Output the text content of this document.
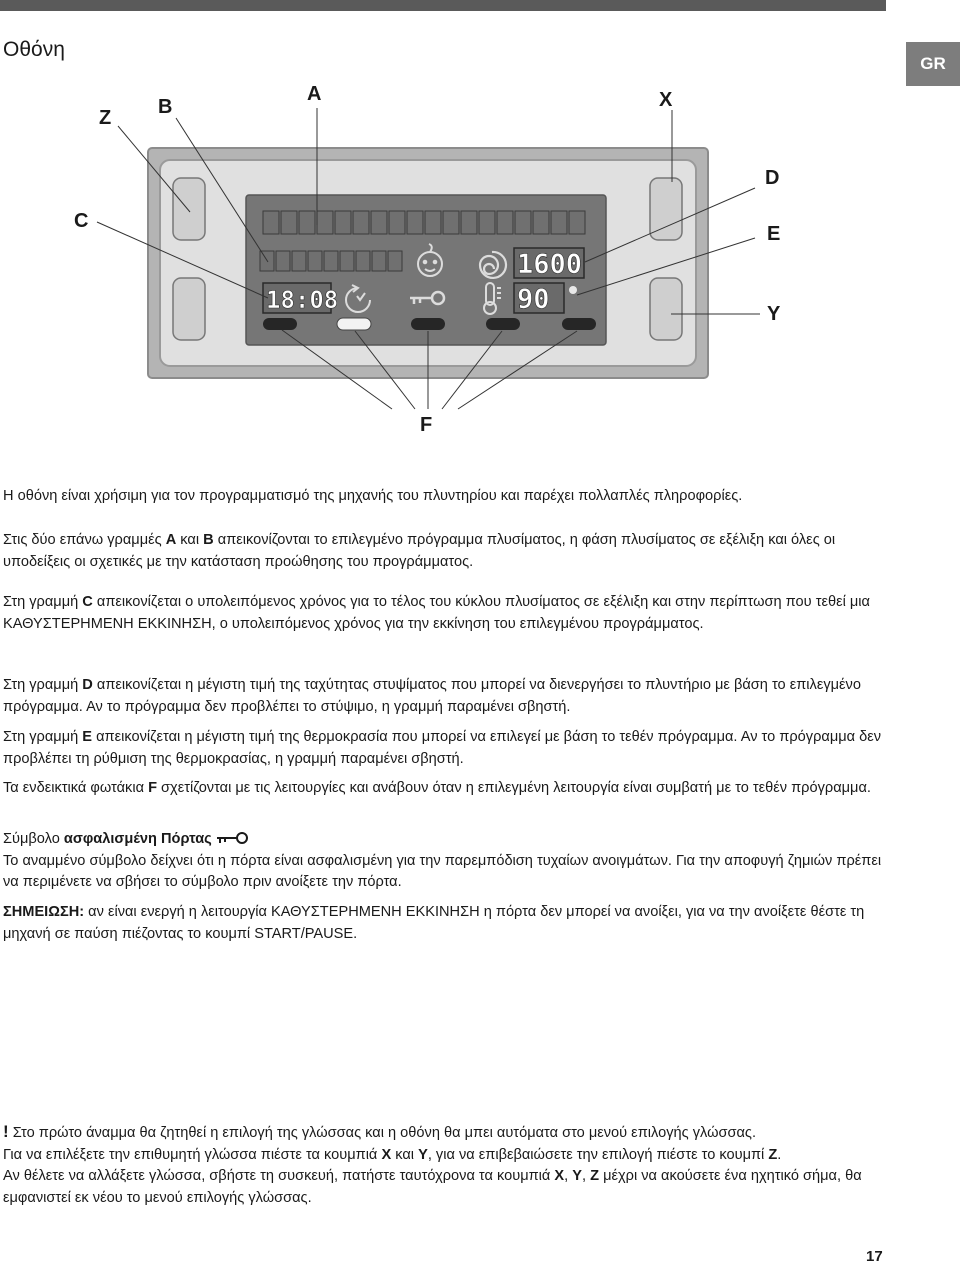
Οθόνη
GR
1600
18:08	90
Z B
A	X
C
D
E
Y
F

Η οθόνη είναι χρήσιμη για τον προγραμματισμό της μηχανής του πλυντηρίου και παρέχει πολλαπλές πληροφορίες.

Στις δύο επάνω γραμμές A και B απεικονίζονται το επιλεγμένο πρόγραμμα πλυσίματος, η φάση πλυσίματος σε εξέλιξη και όλες οι υποδείξεις οι σχετικές με την κατάσταση προώθησης του προγράμματος.

Στη γραμμή C απεικονίζεται ο υπολειπόμενος χρόνος για το τέλος του κύκλου πλυσίματος σε εξέλιξη και στην περίπτωση που τεθεί μια ΚΑΘΥΣΤΕΡΗΜΕΝΗ ΕΚΚΙΝΗΣΗ, ο υπολειπόμενος χρόνος για την εκκίνηση του επιλεγμένου προγράμματος.

Στη γραμμή D απεικονίζεται η μέγιστη τιμή της ταχύτητας στυψίματος που μπορεί να διενεργήσει το πλυντήριο με βάση το επιλεγμένο πρόγραμμα. Αν το πρόγραμμα δεν προβλέπει το στύψιμο, η γραμμή παραμένει σβηστή.

Στη γραμμή E απεικονίζεται η μέγιστη τιμή της θερμοκρασία που μπορεί να επιλεγεί με βάση το τεθέν πρόγραμμα. Αν το πρόγραμμα δεν προβλέπει τη ρύθμιση της θερμοκρασίας, η γραμμή παραμένει σβηστή.

Τα ενδεικτικά φωτάκια F σχετίζονται με τις λειτουργίες και ανάβουν όταν η επιλεγμένη λειτουργία είναι συμβατή με το τεθέν πρόγραμμα.

Σύμβολο ασφαλισμένη Πόρτας
Το αναμμένο σύμβολο δείχνει ότι η πόρτα είναι ασφαλισμένη για την παρεμπόδιση τυχαίων ανοιγμάτων. Για την αποφυγή ζημιών πρέπει να περιμένετε να σβήσει το σύμβολο πριν ανοίξετε την πόρτα.

ΣΗΜΕΙΩΣΗ: αν είναι ενεργή η λειτουργία ΚΑΘΥΣΤΕΡΗΜΕΝΗ ΕΚΚΙΝΗΣΗ η πόρτα δεν μπορεί να ανοίξει, για να την ανοίξετε θέστε τη μηχανή σε παύση πιέζοντας το κουμπί START/PAUSE.

! Στο πρώτο άναμμα θα ζητηθεί η επιλογή της γλώσσας και η οθόνη θα μπει αυτόματα στο μενού επιλογής γλώσσας.
Για να επιλέξετε την επιθυμητή γλώσσα πιέστε τα κουμπιά X και Y, για να επιβεβαιώσετε την επιλογή πιέστε το κουμπί Z.
Αν θέλετε να αλλάξετε γλώσσα, σβήστε τη συσκευή, πατήστε ταυτόχρονα τα κουμπιά X, Y, Z μέχρι να ακούσετε ένα ηχητικό σήμα, θα εμφανιστεί εκ νέου το μενού επιλογής γλώσσας.

17
